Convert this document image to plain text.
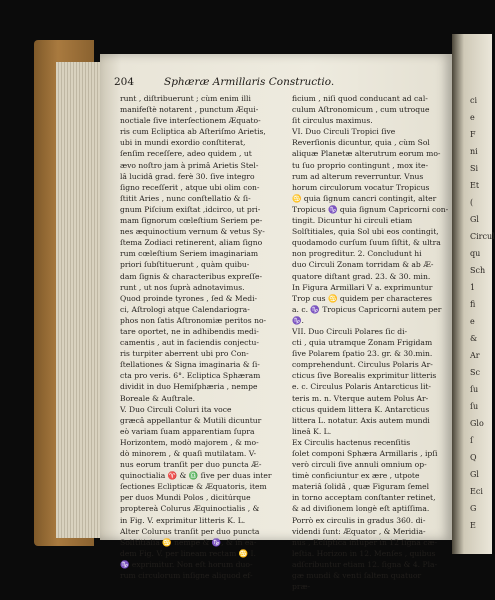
204	Sphæræ Armillaris Constructio.
runt , diſtribuerunt ; cùm enim illi
manifeſtè notarent , punctum Æqui-
noctiale ſive interſectionem Æquato-
ris cum Ecliptica ab Aſteriſmo Arietis,
ubi in mundi exordio conſtiterat,
ſenſim receſſere, adeo quidem , ut
ævo noſtro jam à primâ Arietis Stel-
lâ lucidâ grad. ferè 30. ſive integro
ſigno receſſerit , atque ubi olim con-
ſtitit Aries , nunc conſtellatio & ſi-
gnum Piſcium exiſtat ,idcirco, ut pri-
mam ſignorum cœleſtium Seriem pe-
nes æquinoctium vernum & vetus Sy-
ſtema Zodiaci retinerent, aliam ſigno
rum cœleſtium Seriem imaginariam
priori ſubſtituerunt , quàm quibu-
dam ſignis & characteribus expreſſe-
runt , ut nos ſuprà adnotavimus.
Quod proinde tyrones , ſed & Medi-
ci, Aſtrologi atque Calendariogra-
phos non ſatis Aſtronomiæ peritos no-
tare oportet, ne in adhibendis medi-
camentis , aut in faciendis conjectu-
ris turpiter aberrent ubi pro Con-
ſtellationes & Signa imaginaria & ſi-
cta pro veris. 6°. Ecliptica Sphæram
dividit in duo Hemiſphæria , nempe
Boreale & Auſtrale.
V. Duo Circuli Coluri ita voce
græcâ appellantur & Mutili dicuntur
eò variam ſuam apparentiam ſupra
Horizontem, modò majorem , & mo-
dò minorem , & quaſi mutilatam. V-
nus eorum tranſit per duo puncta Æ-
quinoctialia ♈ & ♎ ſive per duas inter
ſectiones Eclipticæ & Æquatoris, item
per duos Mundi Polos , dicitúrque
proptereà Colurus Æquinoctialis , &
in Fig. V. exprimitur litteris K. L.
Alter Colurus tranſit per duo puncta
Solſtitialia ♋ nempe & ♑, & in ea-
dem Fig. V. per lineam rectam ♋ I.
♑ exprimitur. Non eſt horum duo-
rum circulorum inſigne aliquod ef-
ficium , niſi quod conducant ad cal-
culum Aſtronomicum , cum utroque
ſit circulus maximus.
VI. Duo Circuli Tropici ſive
Reverſionis dicuntur, quia , cùm Sol
aliquæ Planetæ alterutrum eorum mo-
tu ſuo proprio contingunt , mox ite-
rum ad alterum reverruntur. Vnus
horum circulorum vocatur Tropicus
♋ quia ſignum cancri contingit, alter
Tropicus ♑ quia ſignum Capricorni con-
tingit. Dicuntur hi circuli etiam
Solſtitiales, quia Sol ubi eos contingit,
quodamodo curſum ſuum ſiſtit, & ultra
non progreditur. 2. Concludunt hi
duo Circuli Zonam torridam & ab Æ-
quatore diſtant grad. 23. & 30. min.
In Figura Armillari V a. exprimuntur
Trop cus ♋ quidem per characteres
a. c. ♑ Tropicus Capricorni autem per
♑.
VII. Duo Circuli Polares ſic di-
cti , quia utramque Zonam Frigidam
ſive Polarem ſpatio 23. gr. & 30.min.
comprehendunt. Circulus Polaris Ar-
cticus ſive Borealis exprimitur litteris
e. c. Circulus Polaris Antarcticus lit-
teris m. n. Vterque autem Polus Ar-
cticus quidem littera K. Antarcticus
littera L. notatur. Axis autem mundi
lineâ K. L.
Ex Circulis hactenus recenſitis
ſolet componi Sphæra Armillaris , ipſi
verò circuli ſive annuli omnium op-
timè conficiuntur ex ære , utpote
materiâ ſolidâ , quæ Figuram ſemel
in torno acceptam conſtanter retinet,
& ad diviſionem longè eſt aptiſſima.
Porrò ex circulis in gradus 360. di-
videndi ſunt: Æquator , & Meridia-
nus , Ecliptica inſuper in 12 ſigna cæ-
leſtia. Horizon in 12. Menſes , quibus
adſcribuntur etiam 12. ſigna & 4. Pla-
gæ mundi & venti ſaltem quatuor
præ-
ci
e
F
ni
Si
Et
(
Gl
Circul
qu
Sch
1
fi
e
&
Ar
Sc
ſu
ſu
Glo
ſ
Q
Gl
Eci
G
E
